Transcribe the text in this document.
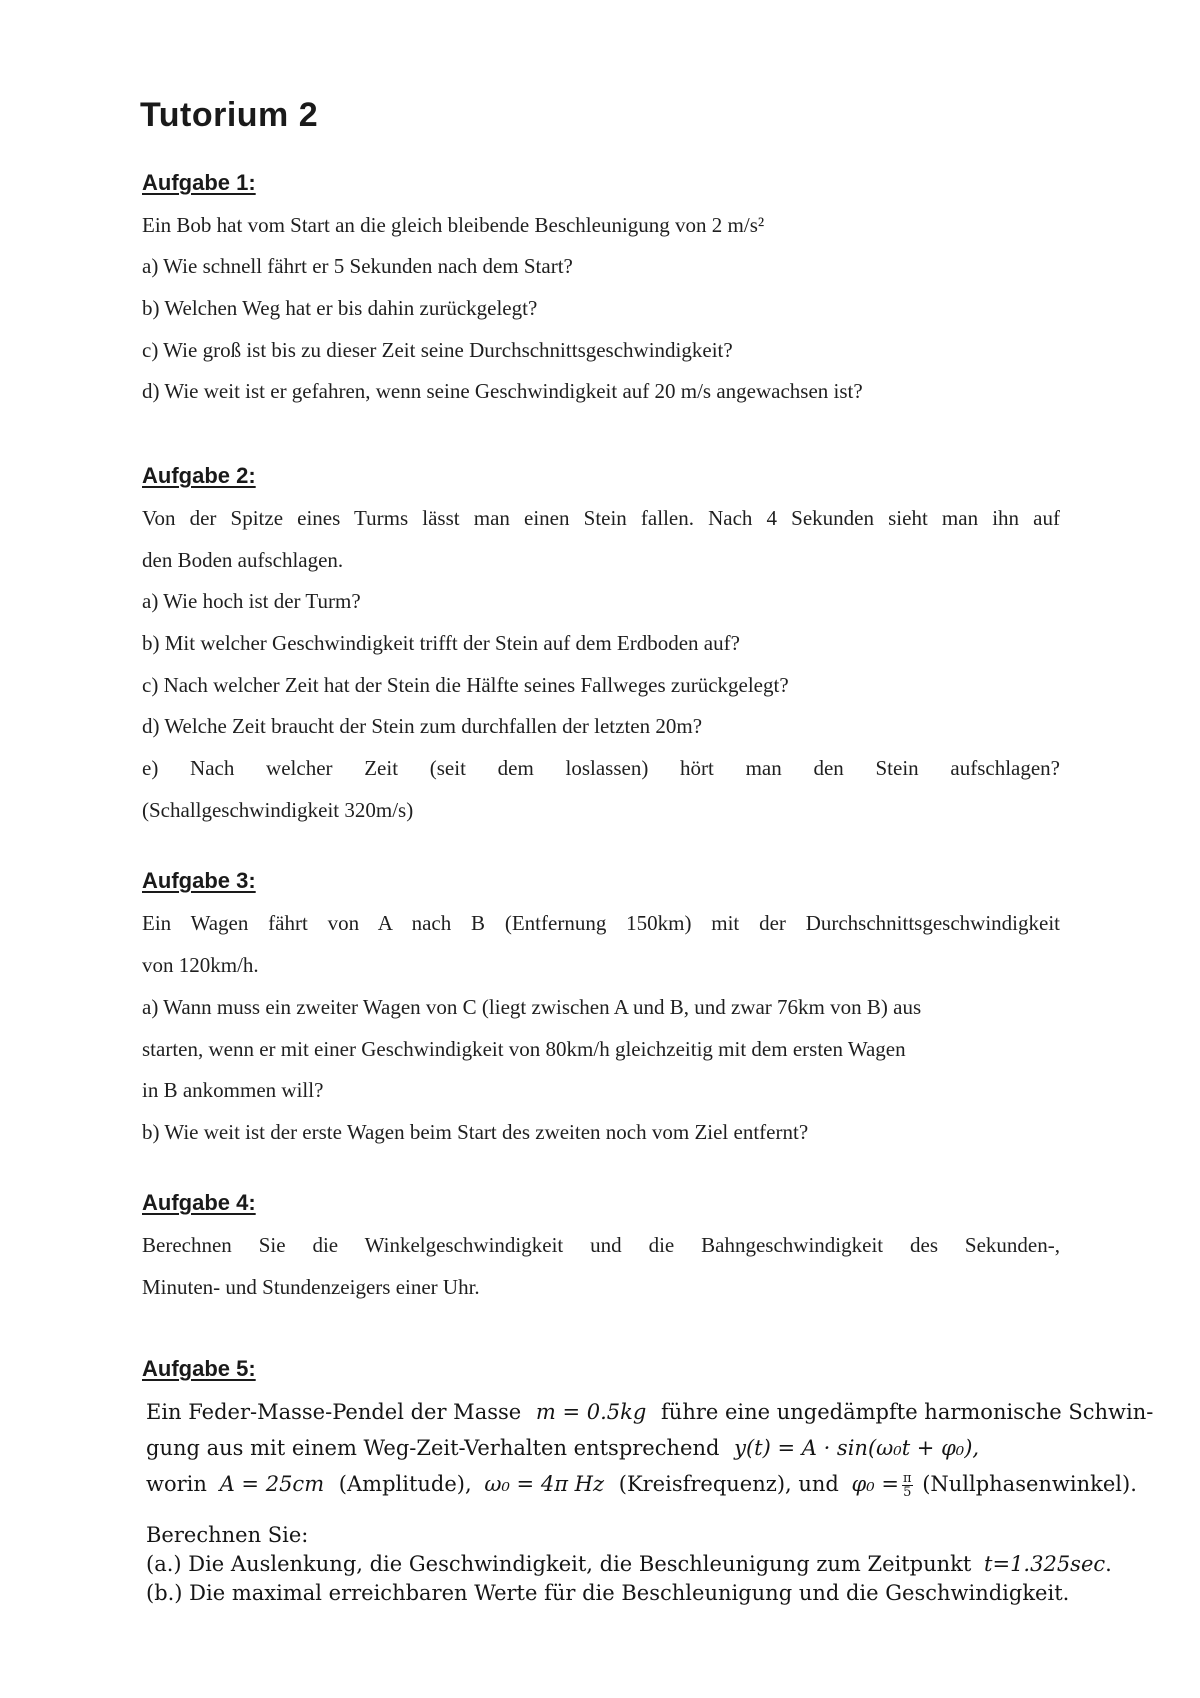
Tutorium 2
Aufgabe 1:
Ein Bob hat vom Start an die gleich bleibende Beschleunigung von 2 m/s²
a) Wie schnell fährt er 5 Sekunden nach dem Start?
b) Welchen Weg hat er bis dahin zurückgelegt?
c) Wie groß ist bis zu dieser Zeit seine Durchschnittsgeschwindigkeit?
d) Wie weit ist er gefahren, wenn seine Geschwindigkeit auf 20 m/s angewachsen ist?
Aufgabe 2:
Von der Spitze eines Turms lässt man einen Stein fallen. Nach 4 Sekunden sieht man ihn auf
den Boden aufschlagen.
a) Wie hoch ist der Turm?
b) Mit welcher Geschwindigkeit trifft der Stein auf dem Erdboden auf?
c) Nach welcher Zeit hat der Stein die Hälfte seines Fallweges zurückgelegt?
d) Welche Zeit braucht der Stein zum durchfallen der letzten 20m?
e) Nach welcher Zeit (seit dem loslassen) hört man den Stein aufschlagen?
(Schallgeschwindigkeit 320m/s)
Aufgabe 3:
Ein Wagen fährt von A nach B (Entfernung 150km) mit der Durchschnittsgeschwindigkeit
von 120km/h.
a) Wann muss ein zweiter Wagen von C (liegt zwischen A und B, und zwar 76km von B) aus
starten, wenn er mit einer Geschwindigkeit von 80km/h gleichzeitig mit dem ersten Wagen
in B ankommen will?
b) Wie weit ist der erste Wagen beim Start des zweiten noch vom Ziel entfernt?
Aufgabe 4:
Berechnen Sie die Winkelgeschwindigkeit und die Bahngeschwindigkeit des Sekunden-,
Minuten- und Stundenzeigers einer Uhr.
Aufgabe 5:
Ein Feder-Masse-Pendel der Masse m = 0.5kg führe eine ungedämpfte harmonische Schwin-
gung aus mit einem Weg-Zeit-Verhalten entsprechend y(t) = A · sin(ω₀t + φ₀),
worin A = 25cm (Amplitude), ω₀ = 4π Hz (Kreisfrequenz), und $\varphi_0 = \frac{\pi}{5}$ (Nullphasenwinkel).
Berechnen Sie:
(a.) Die Auslenkung, die Geschwindigkeit, die Beschleunigung zum Zeitpunkt t=1.325sec.
(b.) Die maximal erreichbaren Werte für die Beschleunigung und die Geschwindigkeit.
